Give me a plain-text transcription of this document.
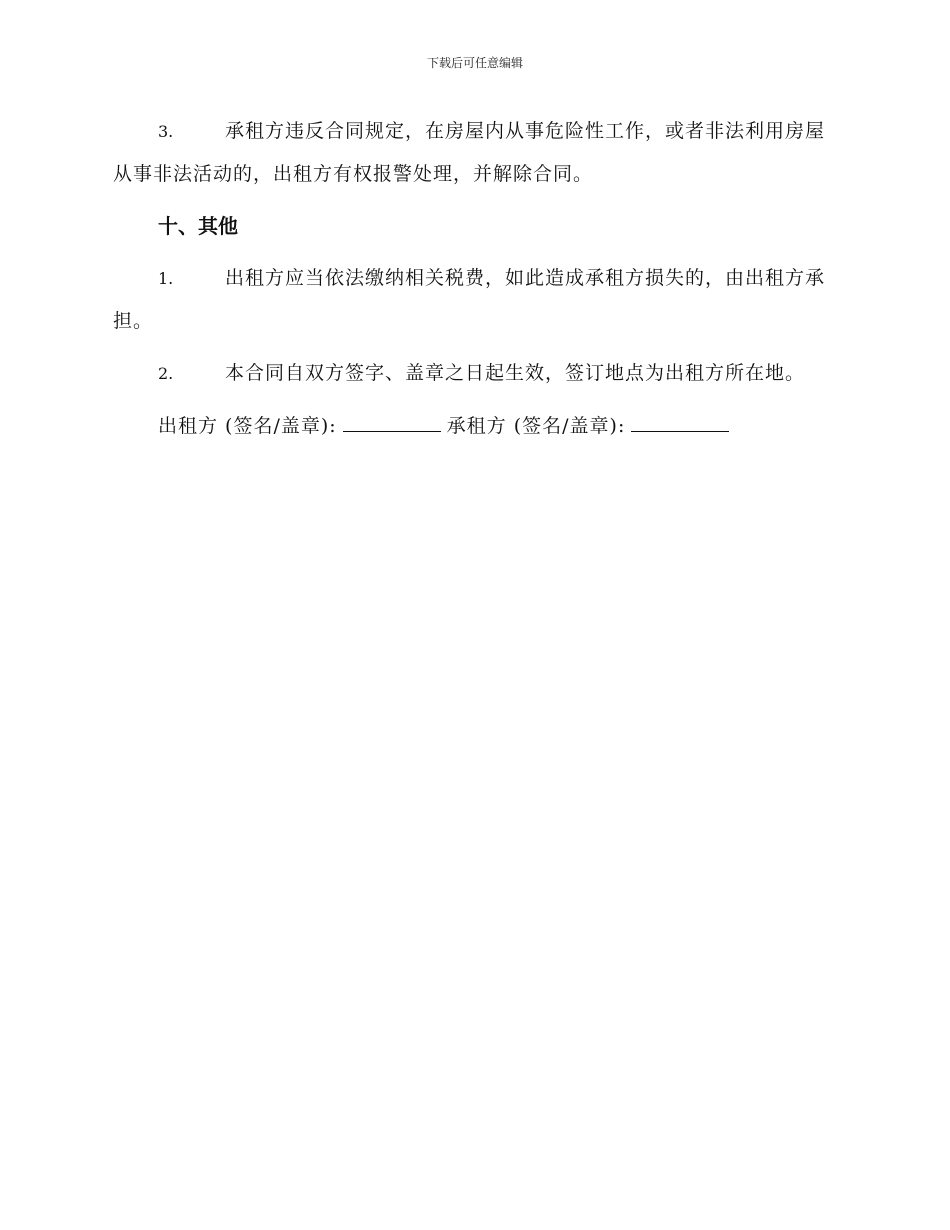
下载后可任意编辑

3.	承租方违反合同规定，在房屋内从事危险性工作，或者非法利用房屋从事非法活动的，出租方有权报警处理，并解除合同。

十、其他

1.	出租方应当依法缴纳相关税费，如此造成承租方损失的，由出租方承担。

2.	本合同自双方签字、盖章之日起生效，签订地点为出租方所在地。

出租方 (签名/盖章):	承租方 (签名/盖章):
